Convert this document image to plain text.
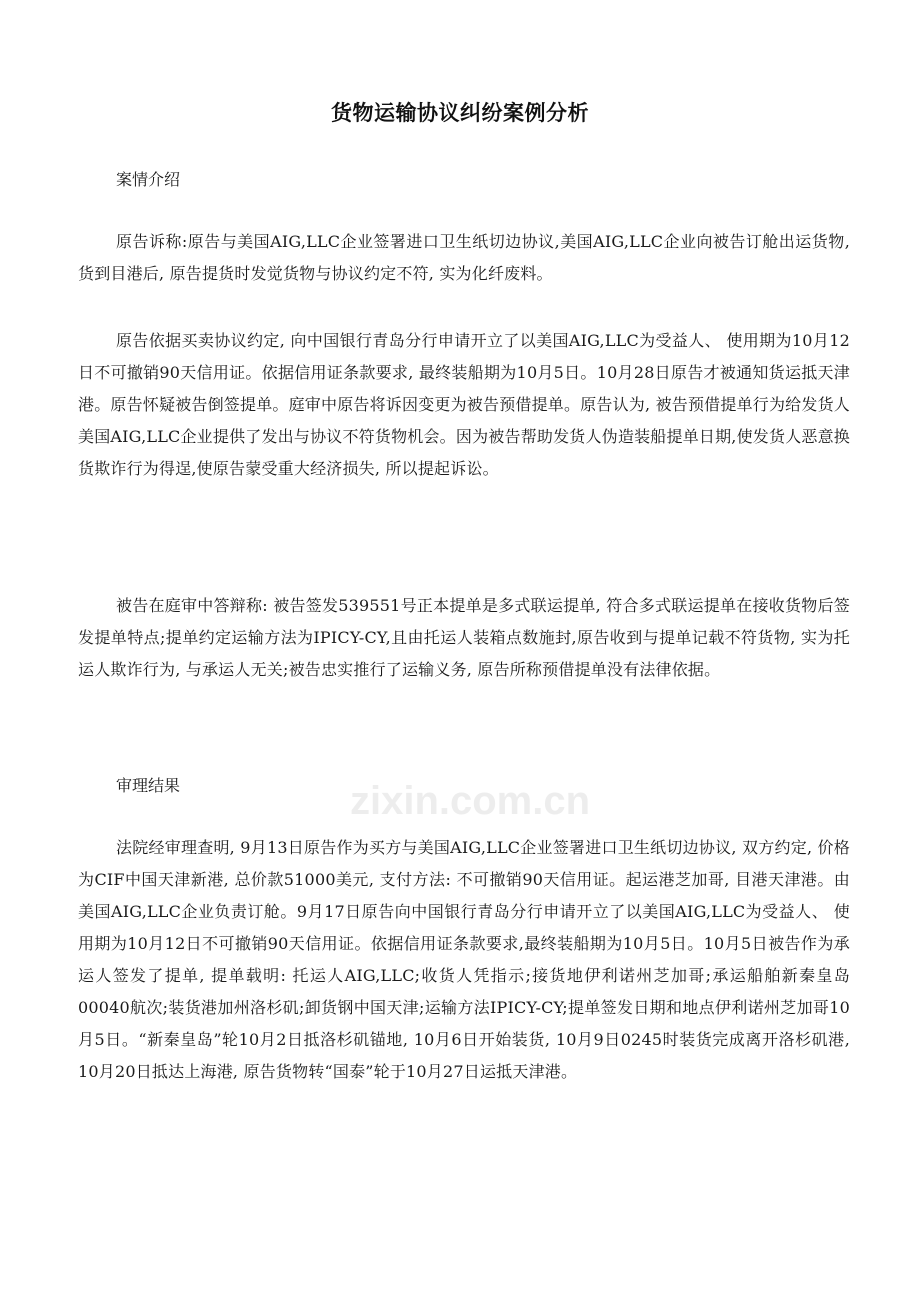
货物运输协议纠纷案例分析
案情介绍
原告诉称:原告与美国AIG,LLC企业签署进口卫生纸切边协议,美国AIG,LLC企业向被告订舱出运货物, 货到目港后, 原告提货时发觉货物与协议约定不符, 实为化纤废料。
原告依据买卖协议约定, 向中国银行青岛分行申请开立了以美国AIG,LLC为受益人、 使用期为10月12日不可撤销90天信用证。依据信用证条款要求, 最终装船期为10月5日。10月28日原告才被通知货运抵天津港。原告怀疑被告倒签提单。庭审中原告将诉因变更为被告预借提单。原告认为, 被告预借提单行为给发货人美国AIG,LLC企业提供了发出与协议不符货物机会。因为被告帮助发货人伪造装船提单日期,使发货人恶意换货欺诈行为得逞,使原告蒙受重大经济损失, 所以提起诉讼。
被告在庭审中答辩称: 被告签发539551号正本提单是多式联运提单, 符合多式联运提单在接收货物后签发提单特点;提单约定运输方法为IPICY-CY,且由托运人装箱点数施封,原告收到与提单记载不符货物, 实为托运人欺诈行为, 与承运人无关;被告忠实推行了运输义务, 原告所称预借提单没有法律依据。
审理结果
法院经审理查明, 9月13日原告作为买方与美国AIG,LLC企业签署进口卫生纸切边协议, 双方约定, 价格为CIF中国天津新港, 总价款51000美元, 支付方法: 不可撤销90天信用证。起运港芝加哥, 目港天津港。由美国AIG,LLC企业负责订舱。9月17日原告向中国银行青岛分行申请开立了以美国AIG,LLC为受益人、 使用期为10月12日不可撤销90天信用证。依据信用证条款要求,最终装船期为10月5日。10月5日被告作为承运人签发了提单, 提单载明: 托运人AIG,LLC;收货人凭指示;接货地伊利诺州芝加哥;承运船舶新秦皇岛00040航次;装货港加州洛杉矶;卸货钢中国天津;运输方法IPICY-CY;提单签发日期和地点伊利诺州芝加哥10月5日。“新秦皇岛”轮10月2日抵洛杉矶锚地, 10月6日开始装货, 10月9日0245时装货完成离开洛杉矶港, 10月20日抵达上海港, 原告货物转“国泰”轮于10月27日运抵天津港。
zixin.com.cn
